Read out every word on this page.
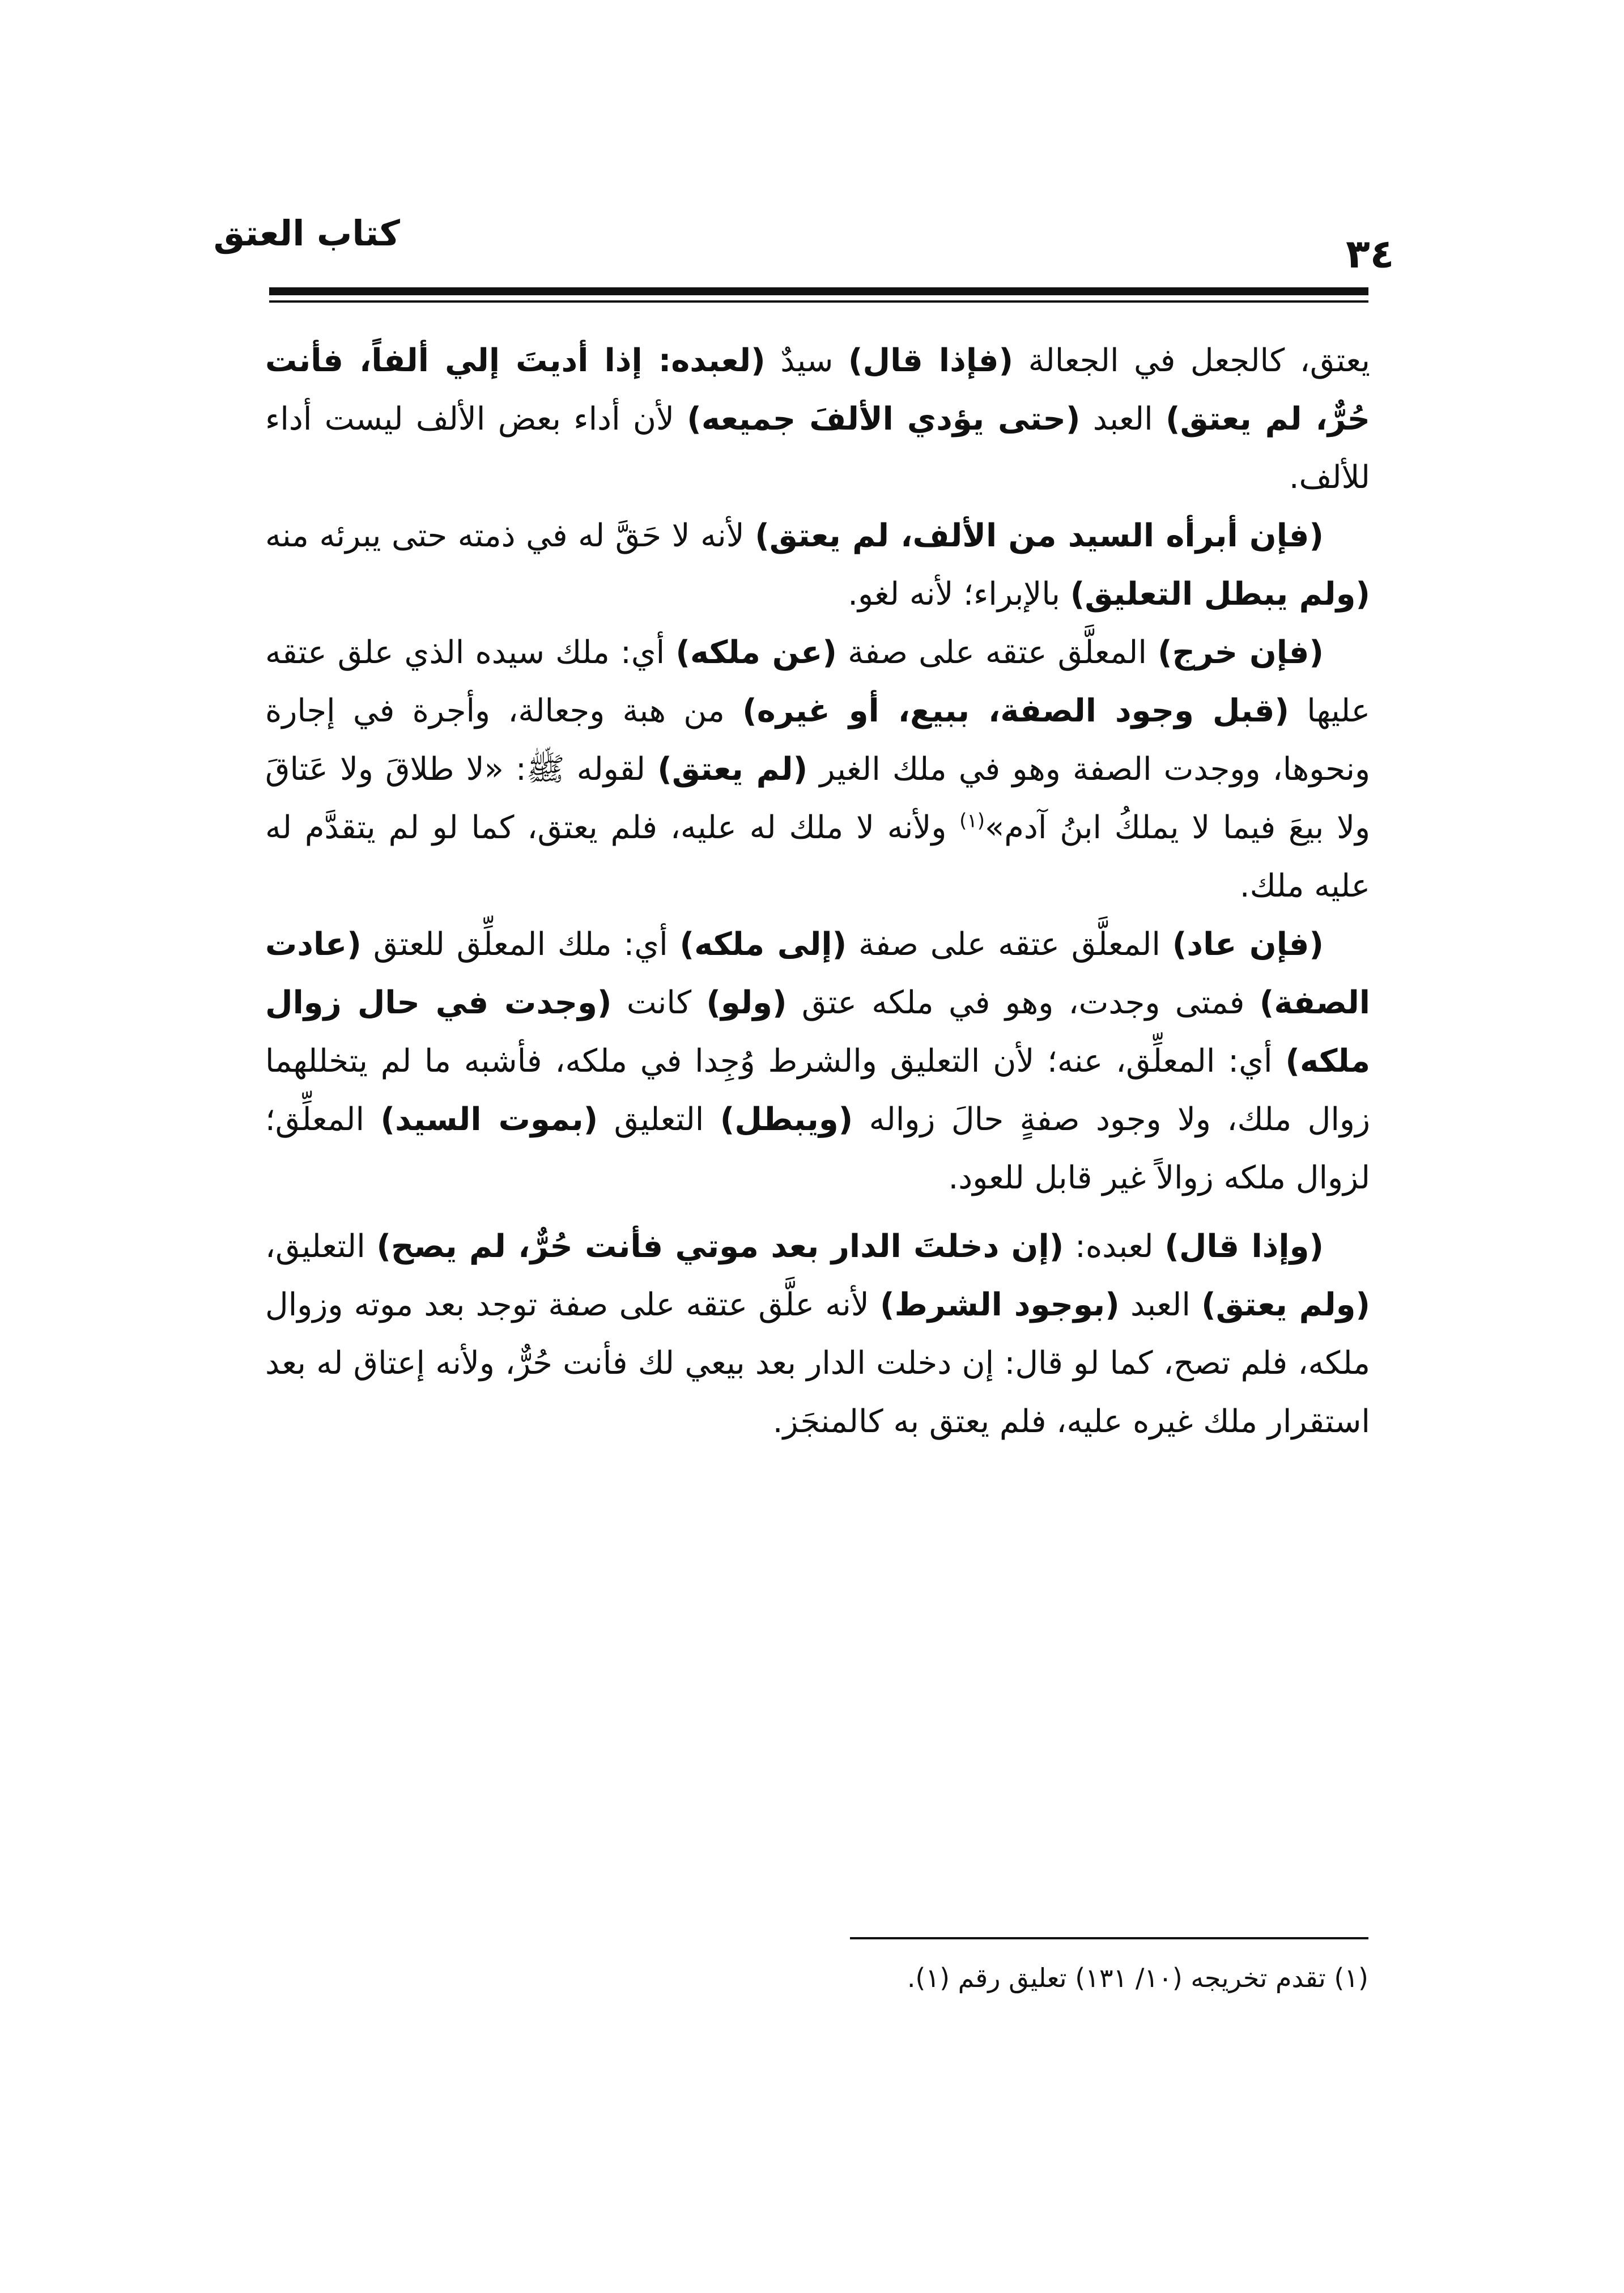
كتاب العتق	٣٤

يعتق، كالجعل في الجعالة (فإذا قال) سيدٌ (لعبده: إذا أديتَ إلي ألفاً، فأنت حُرٌّ، لم يعتق) العبد (حتى يؤدي الألفَ جميعه) لأن أداء بعض الألف ليست أداء للألف.

(فإن أبرأه السيد من الألف، لم يعتق) لأنه لا حَقَّ له في ذمته حتى يبرئه منه (ولم يبطل التعليق) بالإبراء؛ لأنه لغو.

(فإن خرج) المعلَّق عتقه على صفة (عن ملكه) أي: ملك سيده الذي علق عتقه عليها (قبل وجود الصفة، ببيع، أو غيره) من هبة وجعالة، وأجرة في إجارة ونحوها، ووجدت الصفة وهو في ملك الغير (لم يعتق) لقوله ﷺ: «لا طلاقَ ولا عَتاقَ ولا بيعَ فيما لا يملكُ ابنُ آدم»$^{(١)}$ ولأنه لا ملك له عليه، فلم يعتق، كما لو لم يتقدَّم له عليه ملك.

(فإن عاد) المعلَّق عتقه على صفة (إلى ملكه) أي: ملك المعلِّق للعتق (عادت الصفة) فمتى وجدت، وهو في ملكه عتق (ولو) كانت (وجدت في حال زوال ملكه) أي: المعلِّق، عنه؛ لأن التعليق والشرط وُجِدا في ملكه، فأشبه ما لم يتخللهما زوال ملك، ولا وجود صفةٍ حالَ زواله (ويبطل) التعليق (بموت السيد) المعلِّق؛ لزوال ملكه زوالاً غير قابل للعود.

(وإذا قال) لعبده: (إن دخلتَ الدار بعد موتي فأنت حُرٌّ، لم يصح) التعليق، (ولم يعتق) العبد (بوجود الشرط) لأنه علَّق عتقه على صفة توجد بعد موته وزوال ملكه، فلم تصح، كما لو قال: إن دخلت الدار بعد بيعي لك فأنت حُرٌّ، ولأنه إعتاق له بعد استقرار ملك غيره عليه، فلم يعتق به كالمنجَز.

(١) تقدم تخريجه (١٠/ ١٣١) تعليق رقم (١).
